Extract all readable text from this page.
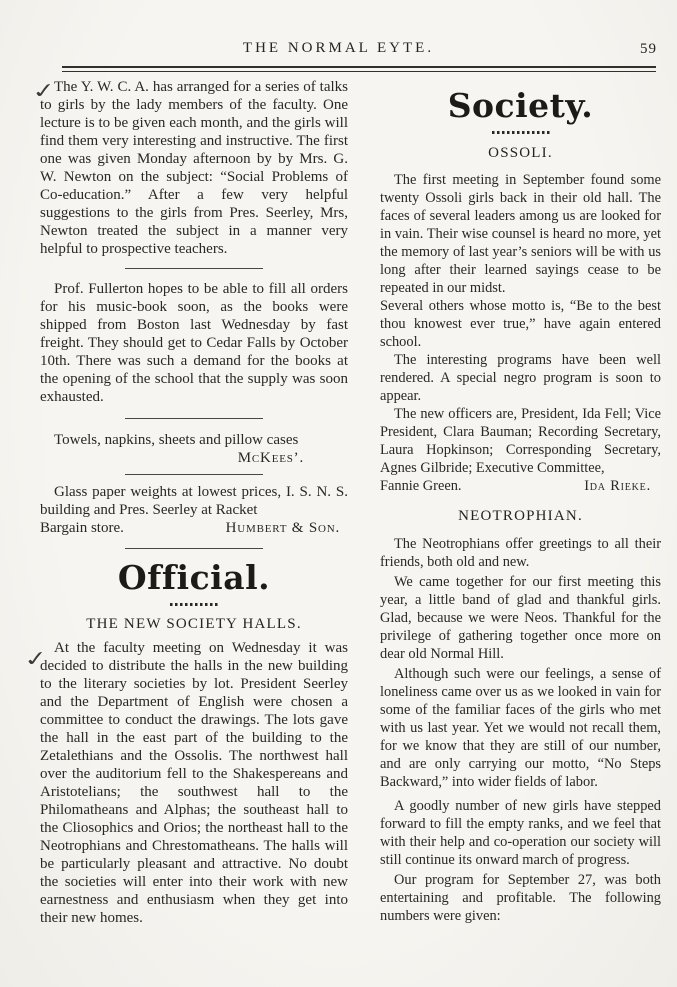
THE NORMAL EYTE.	59
✓
✓

The Y. W. C. A. has arranged for a series of talks to girls by the lady members of the faculty. One lecture is to be given each month, and the girls will find them very interesting and instructive. The first one was given Monday afternoon by by Mrs. G. W. Newton on the subject: “Social Problems of Co-education.” After a few very helpful suggestions to the girls from Pres. Seerley, Mrs, Newton treated the subject in a manner very helpful to prospective teachers.

Prof. Fullerton hopes to be able to fill all orders for his music-book soon, as the books were shipped from Boston last Wednesday by fast freight. They should get to Cedar Falls by October 10th. There was such a demand for the books at the opening of the school that the supply was soon exhausted.

Towels, napkins, sheets and pillow cases

McKees’.

Glass paper weights at lowest prices, I. S. N. S. building and Pres. Seerley at Racket

Bargain store.	Humbert & Son.

Official.

THE NEW SOCIETY HALLS.

At the faculty meeting on Wednesday it was decided to distribute the halls in the new building to the literary societies by lot. President Seerley and the Department of English were chosen a committee to conduct the drawings. The lots gave the hall in the east part of the building to the Zetalethians and the Ossolis. The northwest hall over the auditorium fell to the Shakespereans and Aristotelians; the southwest hall to the Philomatheans and Alphas; the southeast hall to the Cliosophics and Orios; the northeast hall to the Neotrophians and Chrestomatheans. The halls will be particularly pleasant and attractive. No doubt the societies will enter into their work with new earnestness and enthusiasm when they get into their new homes.

Society.

OSSOLI.

The first meeting in September found some twenty Ossoli girls back in their old hall. The faces of several leaders among us are looked for in vain. Their wise counsel is heard no more, yet the memory of last year’s seniors will be with us long after their learned sayings cease to be repeated in our midst.

Several others whose motto is, “Be to the best thou knowest ever true,” have again entered school.

The interesting programs have been well rendered. A special negro program is soon to appear.

The new officers are, President, Ida Fell; Vice President, Clara Bauman; Recording Secretary, Laura Hopkinson; Corresponding Secretary, Agnes Gilbride; Executive Committee,

Fannie Green.	Ida Rieke.

NEOTROPHIAN.

The Neotrophians offer greetings to all their friends, both old and new.

We came together for our first meeting this year, a little band of glad and thankful girls. Glad, because we were Neos. Thankful for the privilege of gathering together once more on dear old Normal Hill.

Although such were our feelings, a sense of loneliness came over us as we looked in vain for some of the familiar faces of the girls who met with us last year. Yet we would not recall them, for we know that they are still of our number, and are only carrying our motto, “No Steps Backward,” into wider fields of labor.

A goodly number of new girls have stepped forward to fill the empty ranks, and we feel that with their help and co-operation our society will still continue its onward march of progress.

Our program for September 27, was both entertaining and profitable. The following numbers were given:
